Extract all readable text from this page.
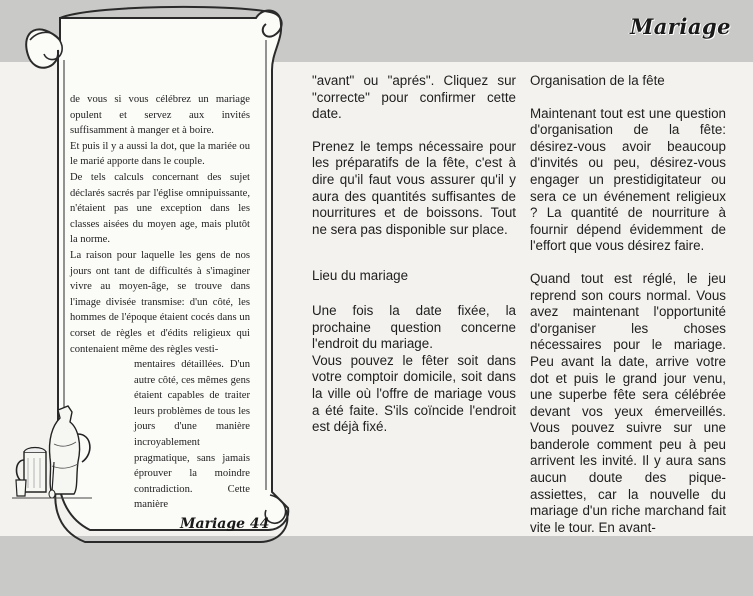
Mariage

de vous si vous célébrez un mariage opulent et servez aux invités suffisamment à manger et à boire.

Et puis il y a aussi la dot, que la mariée ou le marié apporte dans le couple.

De tels calculs concernant des sujet déclarés sacrés par l'église omnipuissante, n'étaient pas une exception dans les classes aisées du moyen age, mais plutôt la norme.

La raison pour laquelle les gens de nos jours ont tant de difficultés à s'imaginer vivre au moyen-âge, se trouve dans l'image divisée transmise: d'un côté, les hommes de l'époque étaient cocés dans un corset de règles et d'édits religieux qui contenaient même des règles vesti-

mentaires détaillées. D'un autre côté, ces mêmes gens étaient capables de traiter leurs problèmes de tous les jours d'une manière incroyablement pragmatique, sans jamais éprouver la moindre contradiction. Cette manière

Mariage 44

"avant" ou "aprés". Cliquez sur "correcte" pour confirmer cette date.

Prenez le temps nécessaire pour les préparatifs de la fête, c'est à dire qu'il faut vous assurer qu'il y aura des quantités suffisantes de nourritures et de boissons. Tout ne sera pas disponible sur place.

Lieu du mariage

Une fois la date fixée, la prochaine question concerne l'endroit du mariage.

Vous pouvez le fêter soit dans votre comptoir domicile, soit dans la ville où l'offre de mariage vous a été faite. S'ils coïncide l'endroit est déjà fixé.

Organisation de la fête

Maintenant tout est une question d'organisation de la fête: désirez-vous avoir beaucoup d'invités ou peu, désirez-vous engager un prestidigitateur ou sera ce un événement religieux ? La quantité de nourriture à fournir dépend évidemment de l'effort que vous désirez faire.

Quand tout est réglé, le jeu reprend son cours normal. Vous avez maintenant l'opportunité d'organiser les choses nécessaires pour le mariage. Peu avant la date, arrive votre dot et puis le grand jour venu, une superbe fête sera célébrée devant vos yeux émerveillés. Vous pouvez suivre sur une banderole comment peu à peu arrivent les invité. Il y aura sans aucun doute des pique-assiettes, car la nouvelle du mariage d'un riche marchand fait vite le tour. En avant-
